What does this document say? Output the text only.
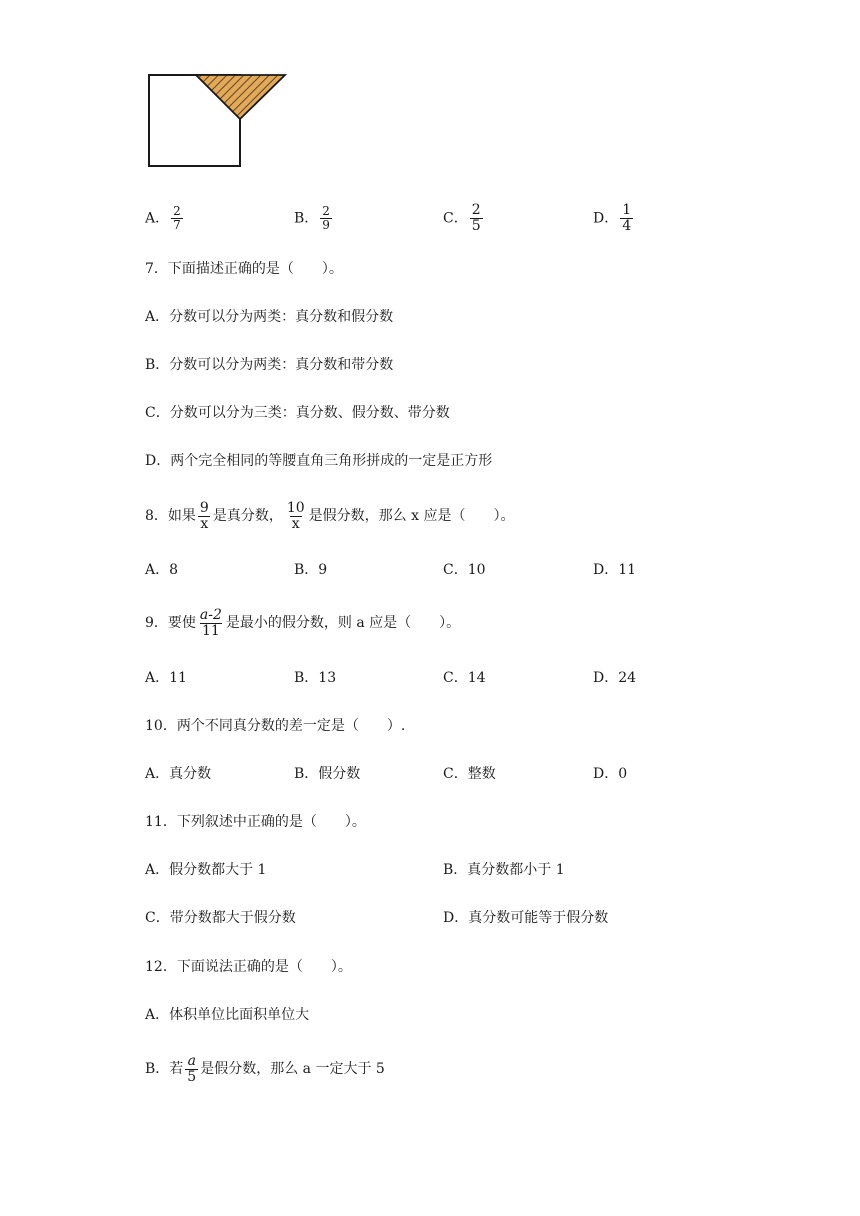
A． $\frac{2}{7}$	B． $\frac{2}{9}$	C． $\frac{2}{5}$	D． $\frac{1}{4}$
7．下面描述正确的是（　　）。
A．分数可以分为两类：真分数和假分数
B．分数可以分为两类：真分数和带分数
C．分数可以分为三类：真分数、假分数、带分数
D．两个完全相同的等腰直角三角形拼成的一定是正方形
8．如果 $\frac{9}{x}$ 是真分数， $\frac{10}{x}$ 是假分数，那么 x 应是（　　）。
A．8	B．9	C．10	D．11
9．要使 $\frac{a-2}{11}$ 是最小的假分数，则 a 应是（　　）。
A．11	B．13	C．14	D．24
10．两个不同真分数的差一定是（　　）.
A．真分数	B．假分数	C．整数	D．0
11．下列叙述中正确的是（　　）。
A．假分数都大于 1	B．真分数都小于 1
C．带分数都大于假分数	D．真分数可能等于假分数
12．下面说法正确的是（　　）。
A．体积单位比面积单位大
B．若 $\frac{a}{5}$ 是假分数，那么 a 一定大于 5
